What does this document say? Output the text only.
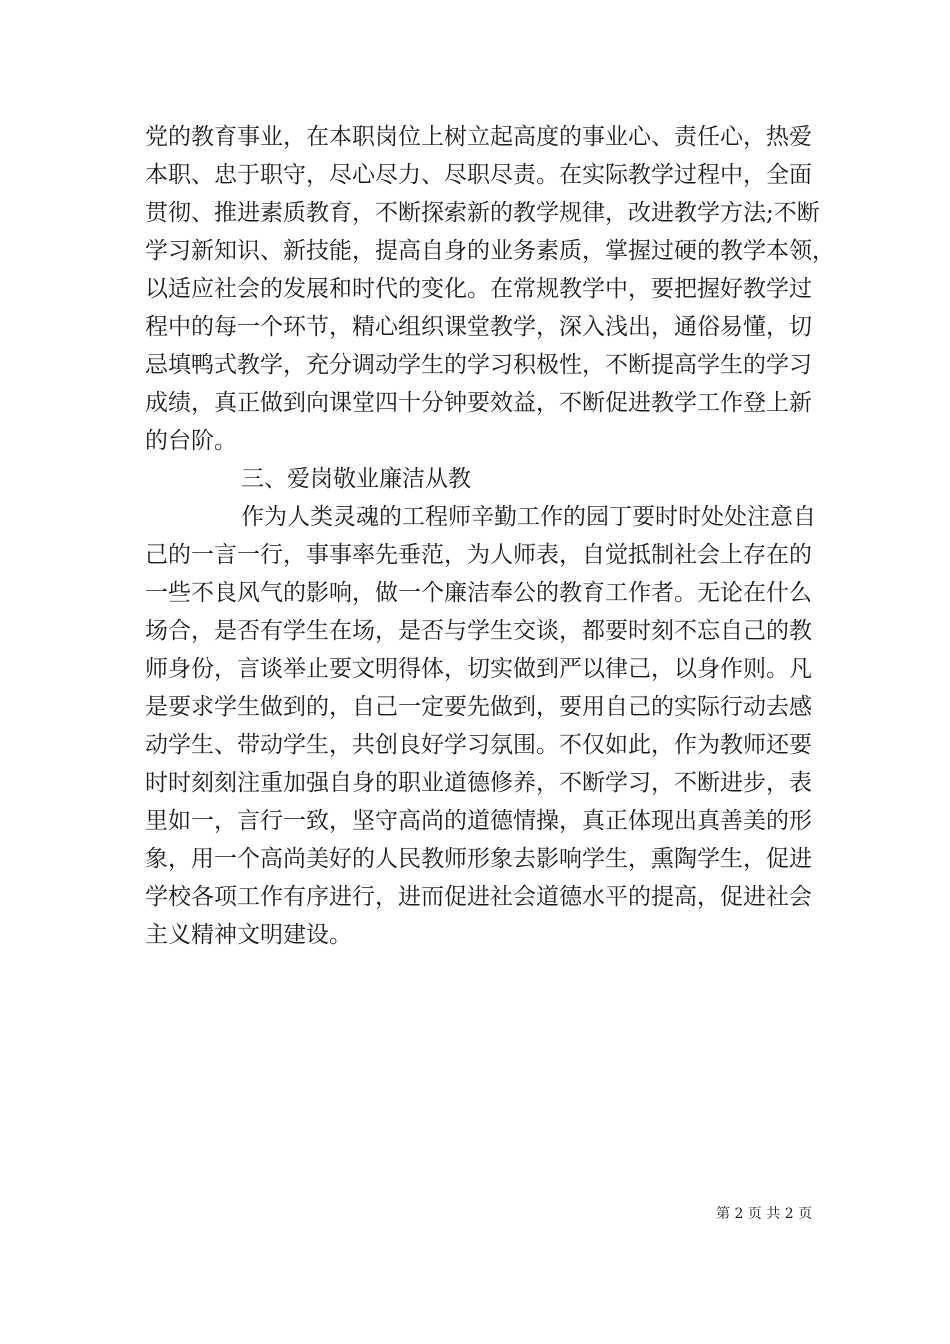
党的教育事业，在本职岗位上树立起高度的事业心、责任心，热爱
本职、忠于职守，尽心尽力、尽职尽责。在实际教学过程中，全面
贯彻、推进素质教育，不断探索新的教学规律，改进教学方法;不断
学习新知识、新技能，提高自身的业务素质，掌握过硬的教学本领，
以适应社会的发展和时代的变化。在常规教学中，要把握好教学过
程中的每一个环节，精心组织课堂教学，深入浅出，通俗易懂，切
忌填鸭式教学，充分调动学生的学习积极性，不断提高学生的学习
成绩，真正做到向课堂四十分钟要效益，不断促进教学工作登上新
的台阶。
三、爱岗敬业廉洁从教
作为人类灵魂的工程师辛勤工作的园丁要时时处处注意自
己的一言一行，事事率先垂范，为人师表，自觉抵制社会上存在的
一些不良风气的影响，做一个廉洁奉公的教育工作者。无论在什么
场合，是否有学生在场，是否与学生交谈，都要时刻不忘自己的教
师身份，言谈举止要文明得体，切实做到严以律己，以身作则。凡
是要求学生做到的，自己一定要先做到，要用自己的实际行动去感
动学生、带动学生，共创良好学习氛围。不仅如此，作为教师还要
时时刻刻注重加强自身的职业道德修养，不断学习，不断进步，表
里如一，言行一致，坚守高尚的道德情操，真正体现出真善美的形
象，用一个高尚美好的人民教师形象去影响学生，熏陶学生，促进
学校各项工作有序进行，进而促进社会道德水平的提高，促进社会
主义精神文明建设。
第 2 页 共 2 页
